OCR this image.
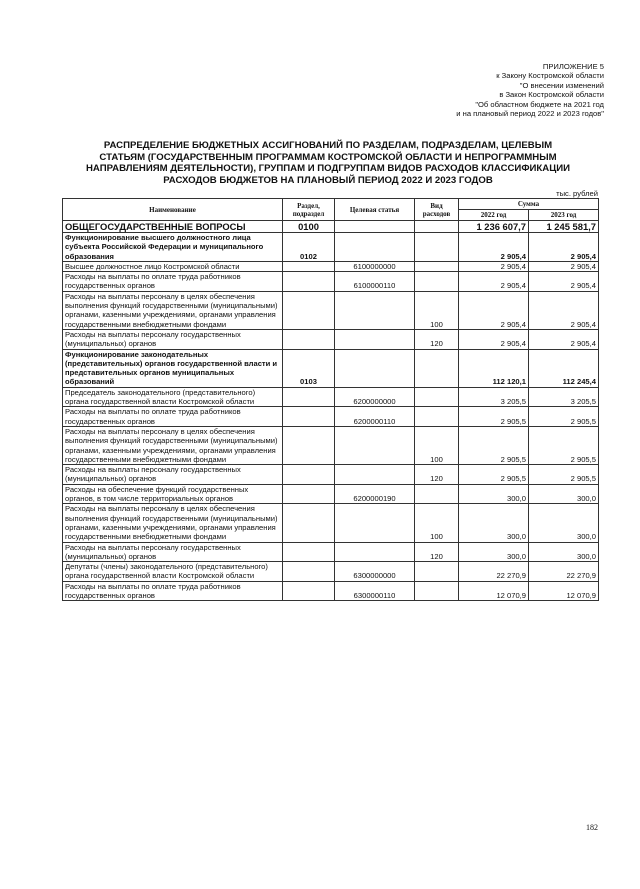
ПРИЛОЖЕНИЕ 5
к Закону Костромской области
"О внесении изменений
в Закон Костромской области
"Об областном бюджете на 2021 год
и на плановый период 2022 и 2023 годов"
РАСПРЕДЕЛЕНИЕ БЮДЖЕТНЫХ АССИГНОВАНИЙ ПО РАЗДЕЛАМ, ПОДРАЗДЕЛАМ, ЦЕЛЕВЫМ
СТАТЬЯМ (ГОСУДАРСТВЕННЫМ ПРОГРАММАМ КОСТРОМСКОЙ ОБЛАСТИ И НЕПРОГРАММНЫМ
НАПРАВЛЕНИЯМ ДЕЯТЕЛЬНОСТИ), ГРУППАМ И ПОДГРУППАМ ВИДОВ РАСХОДОВ КЛАССИФИКАЦИИ
РАСХОДОВ БЮДЖЕТОВ НА ПЛАНОВЫЙ ПЕРИОД 2022 И 2023 ГОДОВ
тыс. рублей
Наименование	Раздел, подраздел	Целевая статья	Вид расходов	Сумма	
				2022 год	2023 год
ОБЩЕГОСУДАРСТВЕННЫЕ ВОПРОСЫ	0100			1 236 607,7	1 245 581,7
Функционирование высшего должностного лица субъекта Российской Федерации и муниципального образования	0102			2 905,4	2 905,4
Высшее должностное лицо Костромской области		6100000000		2 905,4	2 905,4
Расходы на выплаты по оплате труда работников государственных органов		6100000110		2 905,4	2 905,4
Расходы на выплаты персоналу в целях обеспечения выполнения функций государственными (муниципальными) органами, казенными учреждениями, органами управления государственными внебюджетными фондами			100	2 905,4	2 905,4
Расходы на выплаты персоналу государственных (муниципальных) органов			120	2 905,4	2 905,4
Функционирование законодательных (представительных) органов государственной власти и представительных органов муниципальных образований	0103			112 120,1	112 245,4
Председатель законодательного (представительного) органа государственной власти Костромской области		6200000000		3 205,5	3 205,5
Расходы на выплаты по оплате труда работников государственных органов		6200000110		2 905,5	2 905,5
Расходы на выплаты персоналу в целях обеспечения выполнения функций государственными (муниципальными) органами, казенными учреждениями, органами управления государственными внебюджетными фондами			100	2 905,5	2 905,5
Расходы на выплаты персоналу государственных (муниципальных) органов			120	2 905,5	2 905,5
Расходы на обеспечение функций государственных органов, в том числе территориальных органов		6200000190		300,0	300,0
Расходы на выплаты персоналу в целях обеспечения выполнения функций государственными (муниципальными) органами, казенными учреждениями, органами управления государственными внебюджетными фондами			100	300,0	300,0
Расходы на выплаты персоналу государственных (муниципальных) органов			120	300,0	300,0
Депутаты (члены) законодательного (представительного) органа государственной власти Костромской области		6300000000		22 270,9	22 270,9
Расходы на выплаты по оплате труда работников государственных органов		6300000110		12 070,9	12 070,9
182
